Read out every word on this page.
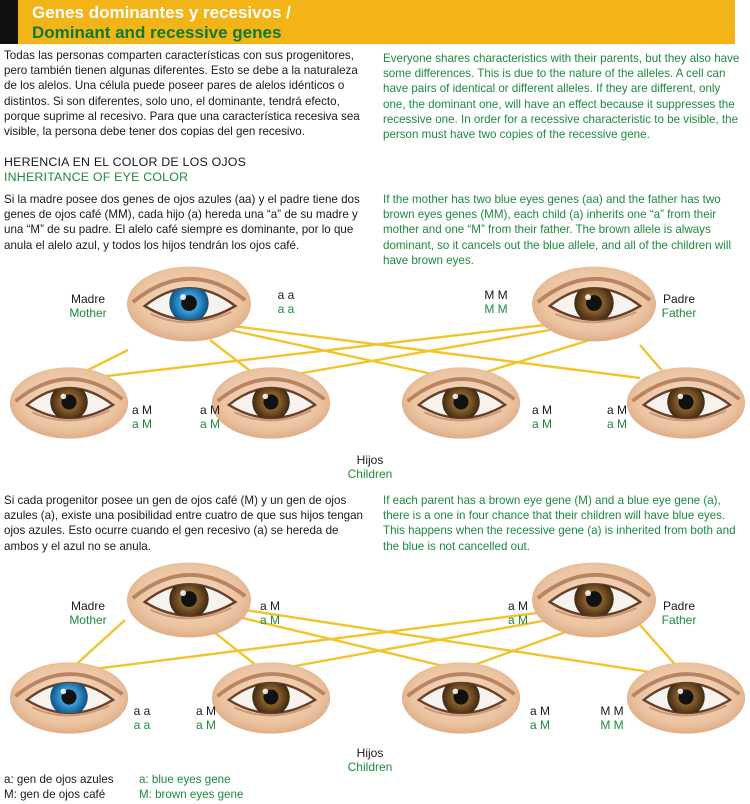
Genes dominantes y recesivos /
Dominant and recessive genes
Todas las personas comparten características con sus progenitores, pero también tienen algunas diferentes. Esto se debe a la naturaleza de los alelos. Una célula puede poseer pares de alelos idénticos o distintos. Si son diferentes, solo uno, el dominante, tendrá efecto, porque suprime al recesivo. Para que una característica recesiva sea visible, la persona debe tener dos copias del gen recesivo.
Everyone shares characteristics with their parents, but they also have some differences. This is due to the nature of the alleles. A cell can have pairs of identical or different alleles. If they are different, only one, the dominant one, will have an effect because it suppresses the recessive one. In order for a recessive characteristic to be visible, the person must have two copies of the recessive gene.
HERENCIA EN EL COLOR DE LOS OJOS
INHERITANCE OF EYE COLOR
Si la madre posee dos genes de ojos azules (aa) y el padre tiene dos genes de ojos café (MM), cada hijo (a) hereda una “a” de su madre y una “M” de su padre. El alelo café siempre es dominante, por lo que anula el alelo azul, y todos los hijos tendrán los ojos café.
If the mother has two blue eyes genes (aa) and the father has two brown eyes genes (MM), each child (a) inherits one “a” from their mother and one “M” from their father. The brown allele is always dominant, so it cancels out the blue allele, and all of the children will have brown eyes.
Madre
Mother
a a
a a
M M
M M
Padre
Father
a M
a M
a M
a M
a M
a M
a M
a M
Hijos
Children
Si cada progenitor posee un gen de ojos café (M) y un gen de ojos azules (a), existe una posibilidad entre cuatro de que sus hijos tengan ojos azules. Esto ocurre cuando el gen recesivo (a) se hereda de ambos y el azul no se anula.
If each parent has a brown eye gene (M) and a blue eye gene (a), there is a one in four chance that their children will have blue eyes. This happens when the recessive gene (a) is inherited from both and the blue is not cancelled out.
Madre
Mother
a M
a M
a M
a M
Padre
Father
a a
a a
a M
a M
a M
a M
M M
M M
Hijos
Children
a: gen de ojos azules	a: blue eyes gene
M: gen de ojos café	M: brown eyes gene
